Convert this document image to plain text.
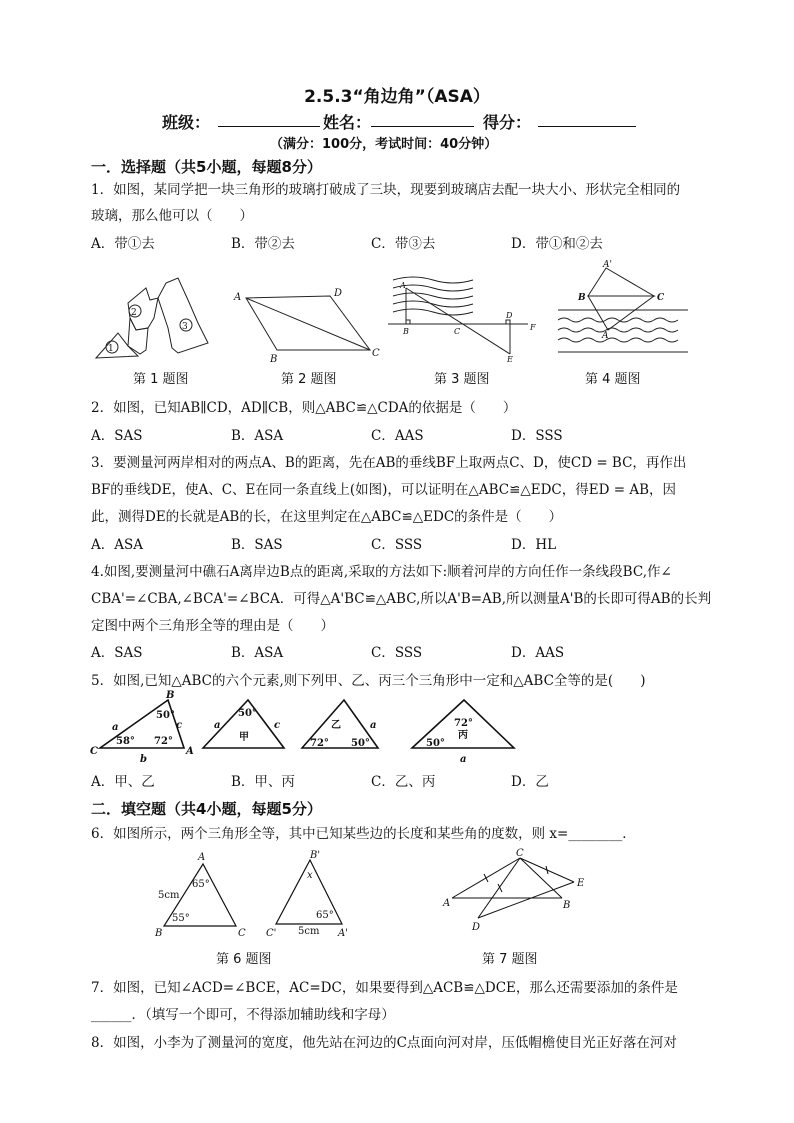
2.5.3“角边角”（ASA）
班级：	姓名：	得分：
（满分：100分，考试时间：40分钟）
一．选择题（共5小题，每题8分）
1．如图，某同学把一块三角形的玻璃打破成了三块，现要到玻璃店去配一块大小、形状完全相同的
玻璃，那么他可以（　　）
A．带①去	B．带②去	C．带③去	D．带①和②去
1
2
3
A	D
B
C
A
B	C
D
F
E
A'
B	C
A
第 1 题图	第 2 题图	第 3 题图	第 4 题图
2．如图，已知AB∥CD，AD∥CB，则△ABC≌△CDA的依据是（　　）
A．SAS	B．ASA	C．AAS	D．SSS
3．要测量河两岸相对的两点A、B的距离，先在AB的垂线BF上取两点C、D，使CD = BC，再作出
BF的垂线DE，使A、C、E在同一条直线上(如图)，可以证明在△ABC≌△EDC，得ED = AB，因
此，测得DE的长就是AB的长，在这里判定在△ABC≌△EDC的条件是（　　）
A．ASA	B．SAS	C．SSS	D．HL
4.如图,要测量河中礁石A离岸边B点的距离,采取的方法如下:顺着河岸的方向任作一条线段BC,作∠
CBA'=∠CBA,∠BCA'=∠BCA．可得△A'BC≌△ABC,所以A'B=AB,所以测量A'B的长即可得AB的长判
定图中两个三角形全等的理由是（　　）
A．SAS	B．ASA	C．SSS	D．AAS
5．如图,已知△ABC的六个元素,则下列甲、乙、丙三个三角形中一定和△ABC全等的是(　　)
B
C	A
a	c
b
50°
58° 72°
50°
a	c
甲
乙	a
72° 50°
72°
丙
50°
a
A．甲、乙	B．甲、丙	C．乙、丙	D．乙
二．填空题（共4小题，每题5分）
6．如图所示，两个三角形全等，其中已知某些边的长度和某些角的度数，则 x=________．
A
B	C
5cm
65°
55°
B'
C'	A'
x
65°
5cm
C
A	B
D
E
第 6 题图	第 7 题图
7．如图，已知∠ACD=∠BCE，AC=DC，如果要得到△ACB≌△DCE，那么还需要添加的条件是
______．（填写一个即可，不得添加辅助线和字母）
8．如图，小李为了测量河的宽度，他先站在河边的C点面向河对岸，压低帽檐使目光正好落在河对
